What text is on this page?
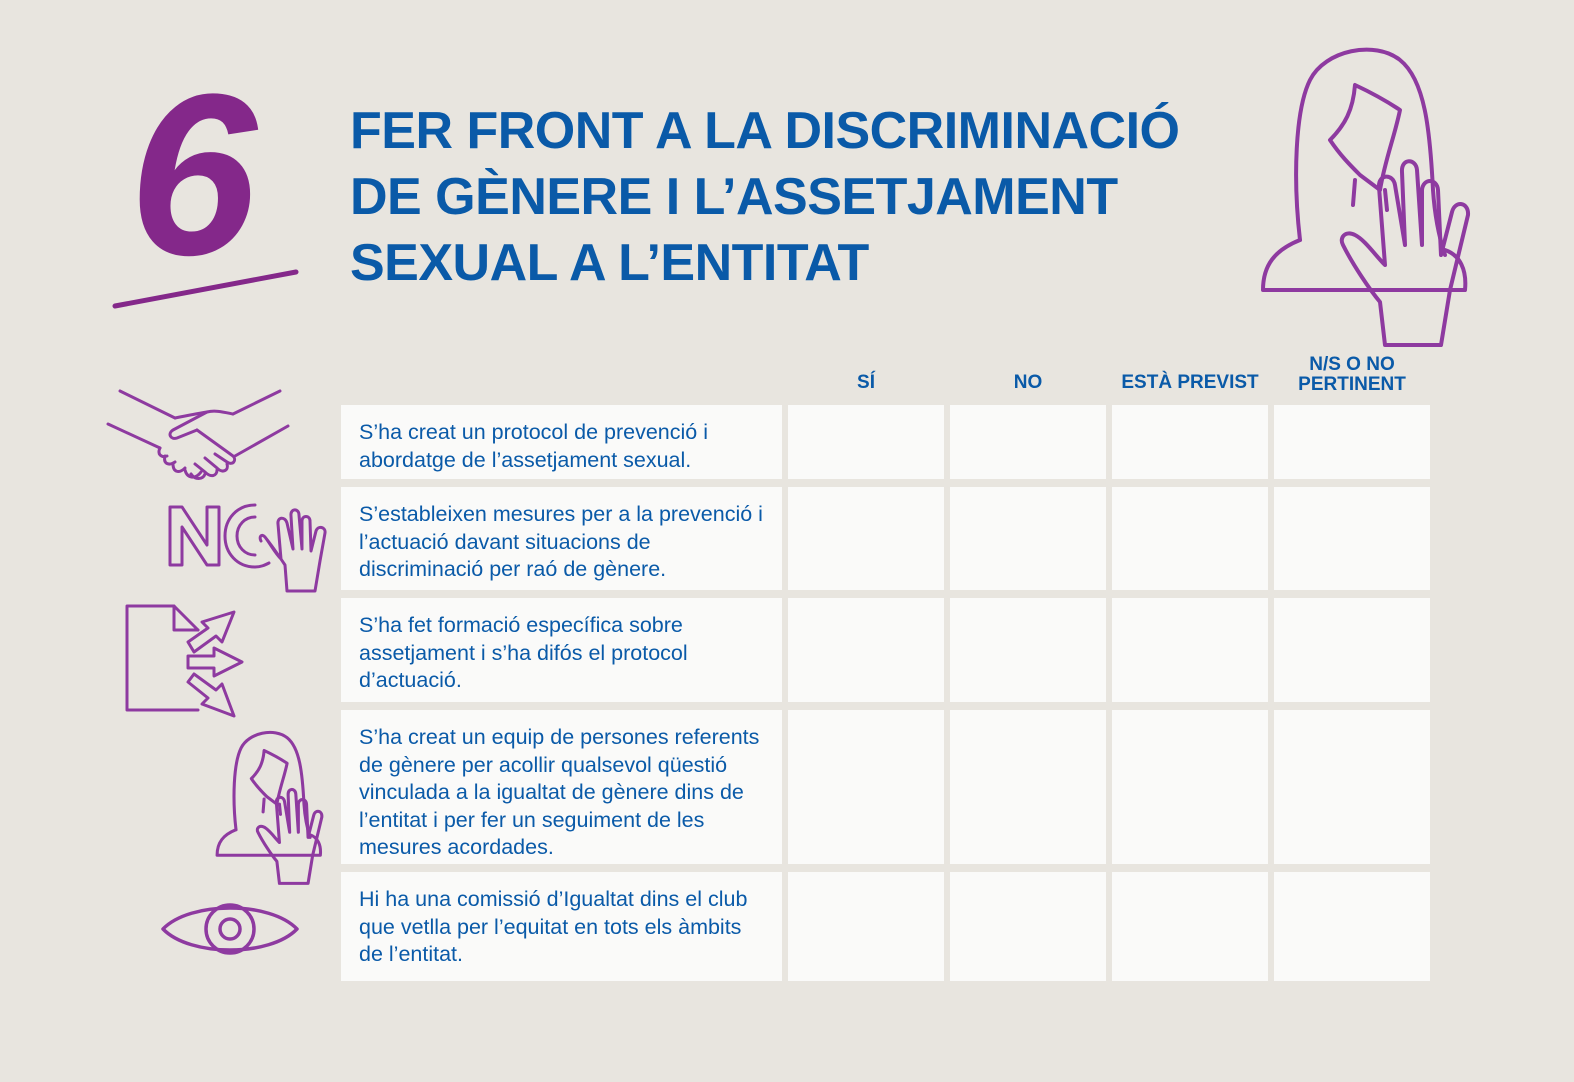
6 FER FRONT A LA DISCRIMINACIÓ
DE GÈNERE I L’ASSETJAMENT
SEXUAL A L’ENTITAT
SÍ	NO	ESTÀ PREVIST
N/S O NO PERTINENT
S’ha creat un protocol de prevenció i abordatge de l’assetjament sexual.
S’estableixen mesures per a la prevenció i l’actuació davant situacions de discriminació per raó de gènere.
S’ha fet formació específica sobre assetjament i s’ha difós el protocol d’actuació.
S’ha creat un equip de persones referents de gènere per acollir qualsevol qüestió vinculada a la igualtat de gènere dins de l’entitat i per fer un seguiment de les mesures acordades.
Hi ha una comissió d’Igualtat dins el club que vetlla per l’equitat en tots els àmbits de l’entitat.
